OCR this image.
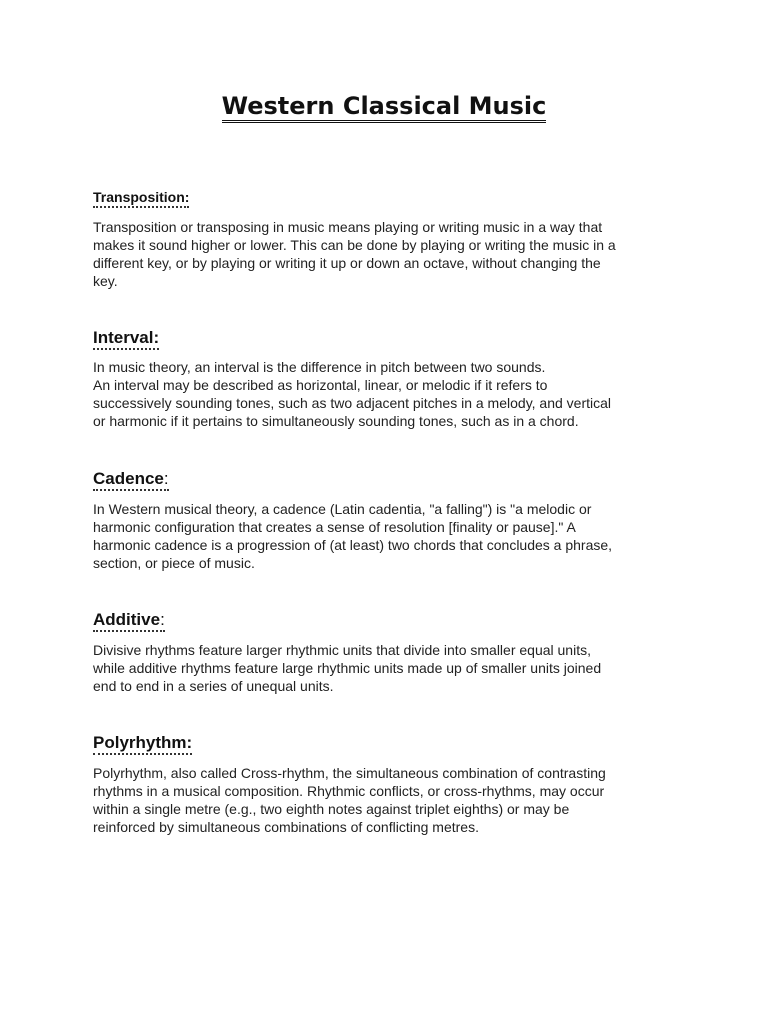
Western Classical Music
Transposition:

Transposition or transposing in music means playing or writing music in a way that
makes it sound higher or lower. This can be done by playing or writing the music in a
different key, or by playing or writing it up or down an octave, without changing the
key.

Interval:

In music theory, an interval is the difference in pitch between two sounds.
An interval may be described as horizontal, linear, or melodic if it refers to
successively sounding tones, such as two adjacent pitches in a melody, and vertical
or harmonic if it pertains to simultaneously sounding tones, such as in a chord.

Cadence:

In Western musical theory, a cadence (Latin cadentia, "a falling") is "a melodic or
harmonic configuration that creates a sense of resolution [finality or pause]." A
harmonic cadence is a progression of (at least) two chords that concludes a phrase,
section, or piece of music.

Additive:

Divisive rhythms feature larger rhythmic units that divide into smaller equal units,
while additive rhythms feature large rhythmic units made up of smaller units joined
end to end in a series of unequal units.

Polyrhythm:

Polyrhythm, also called Cross-rhythm, the simultaneous combination of contrasting
rhythms in a musical composition. Rhythmic conflicts, or cross-rhythms, may occur
within a single metre (e.g., two eighth notes against triplet eighths) or may be
reinforced by simultaneous combinations of conflicting metres.
